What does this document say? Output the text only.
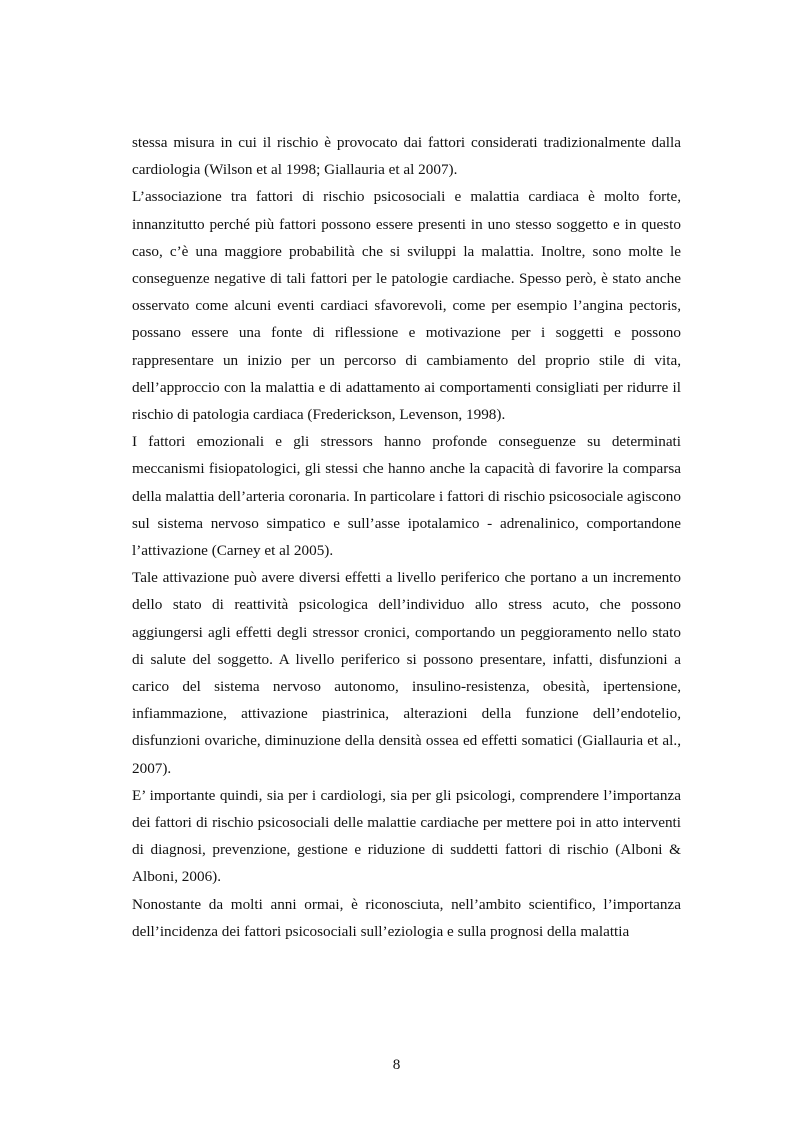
stessa misura in cui il rischio è provocato dai fattori considerati tradizionalmente dalla cardiologia (Wilson et al 1998; Giallauria et al 2007).

L’associazione tra fattori di rischio psicosociali e malattia cardiaca è molto forte, innanzitutto perché più fattori possono essere presenti in uno stesso soggetto e in questo caso, c’è una maggiore probabilità che si sviluppi la malattia. Inoltre, sono molte le conseguenze negative di tali fattori per le patologie cardiache. Spesso però, è stato anche osservato come alcuni eventi cardiaci sfavorevoli, come per esempio l’angina pectoris, possano essere una fonte di riflessione e motivazione per i soggetti e possono rappresentare un inizio per un percorso di cambiamento del proprio stile di vita, dell’approccio con la malattia e di adattamento ai comportamenti consigliati per ridurre il rischio di patologia cardiaca (Frederickson, Levenson, 1998).

I fattori emozionali e gli stressors hanno profonde conseguenze su determinati meccanismi fisiopatologici, gli stessi che hanno anche la capacità di favorire la comparsa della malattia dell’arteria coronaria. In particolare i fattori di rischio psicosociale agiscono sul sistema nervoso simpatico e sull’asse ipotalamico - adrenalinico, comportandone l’attivazione (Carney et al 2005).

Tale attivazione può avere diversi effetti a livello periferico che portano a un incremento dello stato di reattività psicologica dell’individuo allo stress acuto, che possono aggiungersi agli effetti degli stressor cronici, comportando un peggioramento nello stato di salute del soggetto. A livello periferico si possono presentare, infatti, disfunzioni a carico del sistema nervoso autonomo, insulino-resistenza, obesità, ipertensione, infiammazione, attivazione piastrinica, alterazioni della funzione dell’endotelio, disfunzioni ovariche, diminuzione della densità ossea ed effetti somatici (Giallauria et al., 2007).

E’ importante quindi, sia per i cardiologi, sia per gli psicologi, comprendere l’importanza dei fattori di rischio psicosociali delle malattie cardiache per mettere poi in atto interventi di diagnosi, prevenzione, gestione e riduzione di suddetti fattori di rischio (Alboni & Alboni, 2006).

Nonostante da molti anni ormai, è riconosciuta, nell’ambito scientifico, l’importanza dell’incidenza dei fattori psicosociali sull’eziologia e sulla prognosi della malattia

8
